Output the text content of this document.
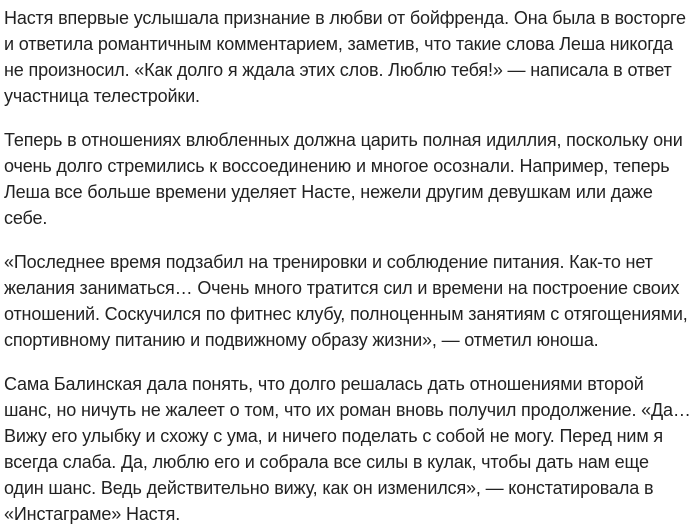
Настя впервые услышала признание в любви от бойфренда. Она была в восторге
и ответила романтичным комментарием, заметив, что такие слова Леша никогда
не произносил. «Как долго я ждала этих слов. Люблю тебя!» — написала в ответ
участница телестройки.

Теперь в отношениях влюбленных должна царить полная идиллия, поскольку они
очень долго стремились к воссоединению и многое осознали. Например, теперь
Леша все больше времени уделяет Насте, нежели другим девушкам или даже
себе.

«Последнее время подзабил на тренировки и соблюдение питания. Как-то нет
желания заниматься… Очень много тратится сил и времени на построение своих
отношений. Соскучился по фитнес клубу, полноценным занятиям с отягощениями,
спортивному питанию и подвижному образу жизни», — отметил юноша.

Сама Балинская дала понять, что долго решалась дать отношениями второй
шанс, но ничуть не жалеет о том, что их роман вновь получил продолжение. «Да…
Вижу его улыбку и схожу с ума, и ничего поделать с собой не могу. Перед ним я
всегда слаба. Да, люблю его и собрала все силы в кулак, чтобы дать нам еще
один шанс. Ведь действительно вижу, как он изменился», — констатировала в
«Инстаграме» Настя.
